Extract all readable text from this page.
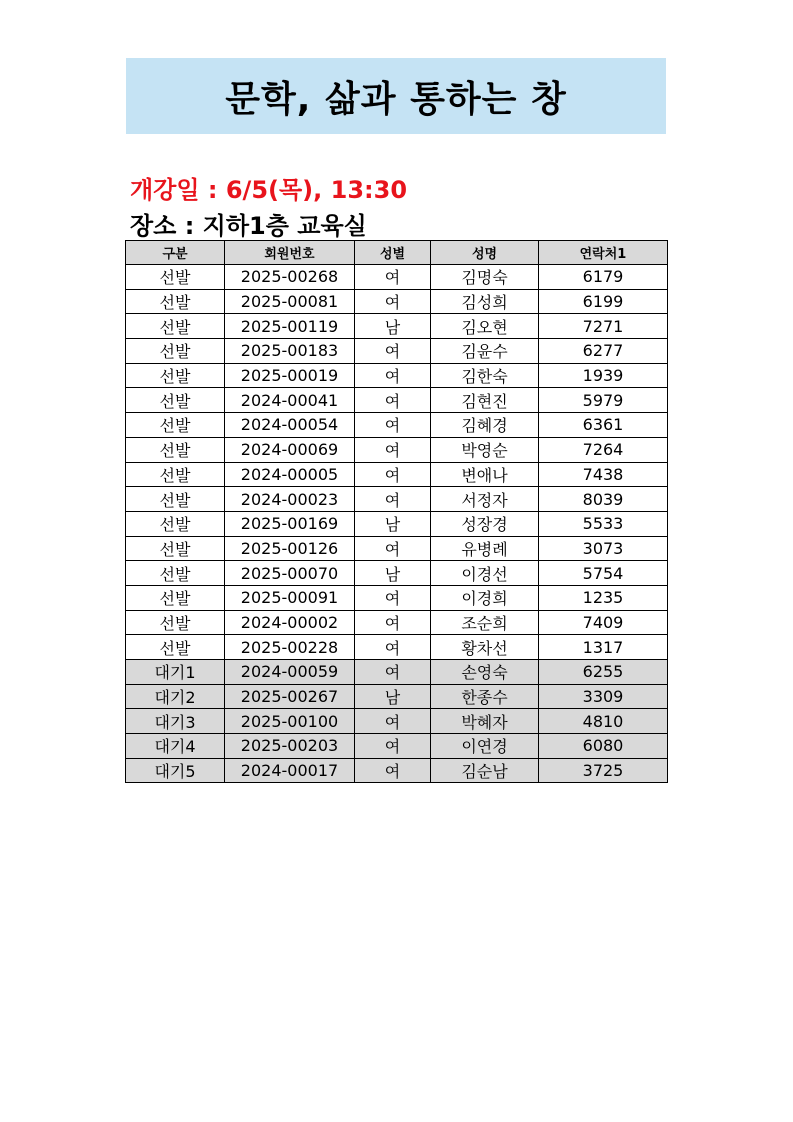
문학, 삶과 통하는 창
개강일 : 6/5(목), 13:30
장소 : 지하1층 교육실
구분	회원번호	성별	성명	연락처1
선발	2025-00268	여	김명숙	6179
선발	2025-00081	여	김성희	6199
선발	2025-00119	남	김오현	7271
선발	2025-00183	여	김윤수	6277
선발	2025-00019	여	김한숙	1939
선발	2024-00041	여	김현진	5979
선발	2024-00054	여	김혜경	6361
선발	2024-00069	여	박영순	7264
선발	2024-00005	여	변애나	7438
선발	2024-00023	여	서정자	8039
선발	2025-00169	남	성장경	5533
선발	2025-00126	여	유병례	3073
선발	2025-00070	남	이경선	5754
선발	2025-00091	여	이경희	1235
선발	2024-00002	여	조순희	7409
선발	2025-00228	여	황차선	1317
대기1	2024-00059	여	손영숙	6255
대기2	2025-00267	남	한종수	3309
대기3	2025-00100	여	박혜자	4810
대기4	2025-00203	여	이연경	6080
대기5	2024-00017	여	김순남	3725
